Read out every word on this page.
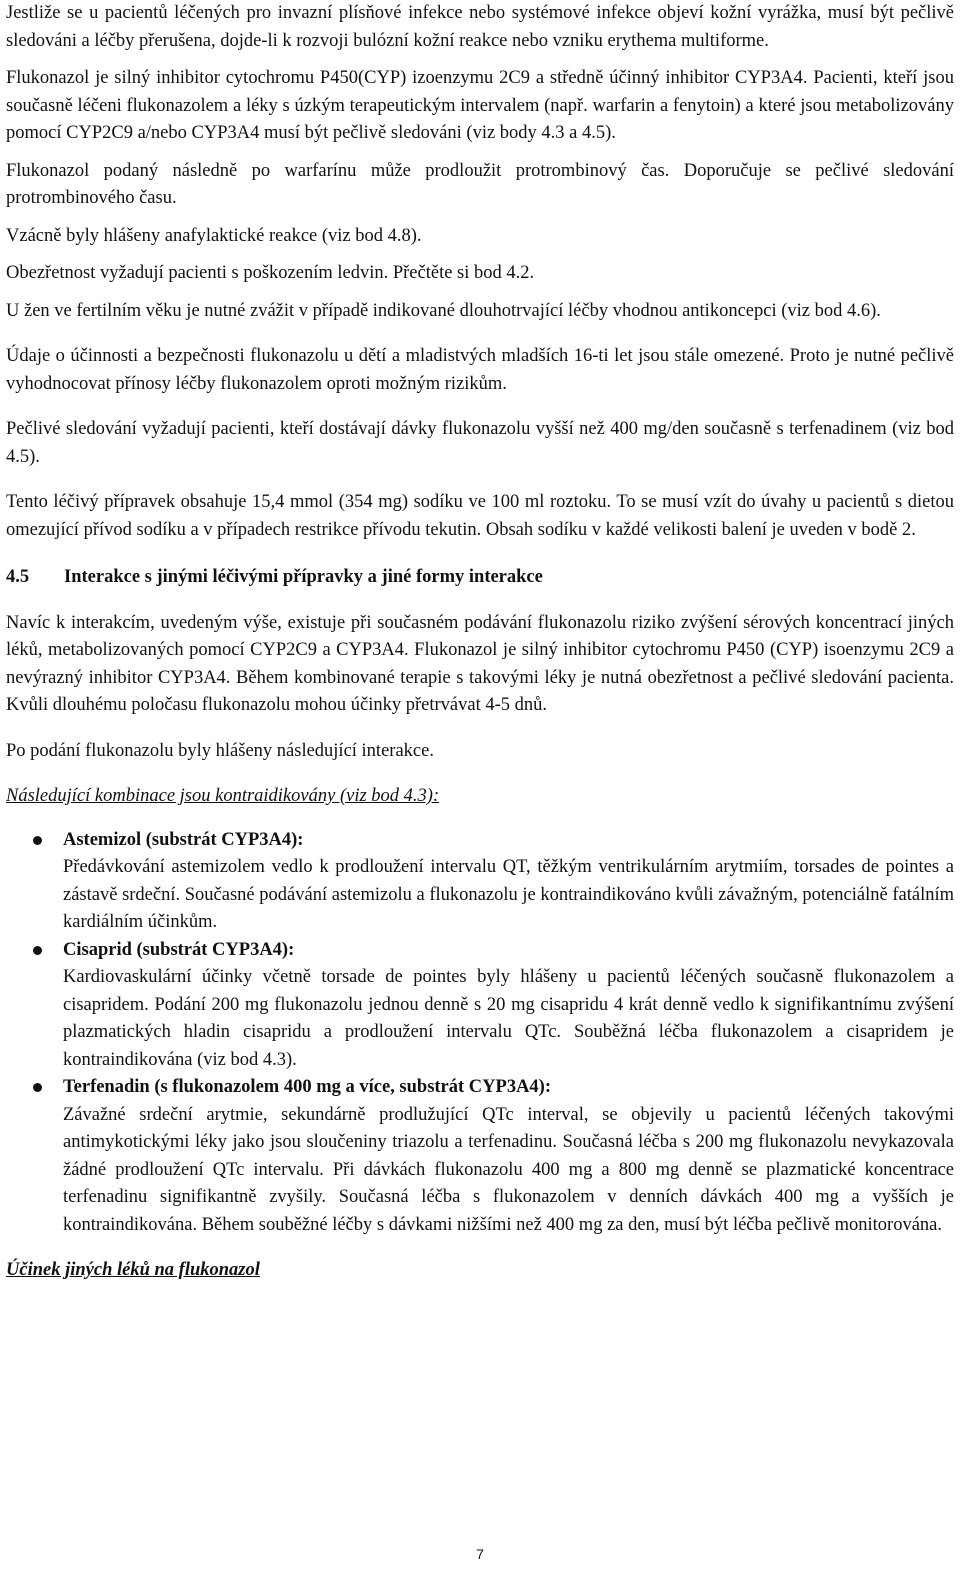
Jestliže se u pacientů léčených pro invazní plísňové infekce nebo systémové infekce objeví kožní vyrážka, musí být pečlivě sledováni a léčby přerušena, dojde-li k rozvoji bulózní kožní reakce nebo vzniku erythema multiforme.

Flukonazol je silný inhibitor cytochromu P450(CYP) izoenzymu 2C9 a středně účinný inhibitor CYP3A4. Pacienti, kteří jsou současně léčeni flukonazolem a léky s úzkým terapeutickým intervalem (např. warfarin a fenytoin) a které jsou metabolizovány pomocí CYP2C9 a/nebo CYP3A4 musí být pečlivě sledováni (viz body 4.3 a 4.5).

Flukonazol podaný následně po warfarínu může prodloužit protrombinový čas. Doporučuje se pečlivé sledování protrombinového času.

Vzácně byly hlášeny anafylaktické reakce (viz bod 4.8).

Obezřetnost vyžadují pacienti s poškozením ledvin. Přečtěte si bod 4.2.

U žen ve fertilním věku je nutné zvážit v případě indikované dlouhotrvající léčby vhodnou antikoncepci (viz bod 4.6).

Údaje o účinnosti a bezpečnosti flukonazolu u dětí a mladistvých mladších 16-ti let jsou stále omezené. Proto je nutné pečlivě vyhodnocovat přínosy léčby flukonazolem oproti možným rizikům.

Pečlivé sledování vyžadují pacienti, kteří dostávají dávky flukonazolu vyšší než 400 mg/den současně s terfenadinem (viz bod 4.5).

Tento léčivý přípravek obsahuje 15,4 mmol (354 mg) sodíku ve 100 ml roztoku. To se musí vzít do úvahy u pacientů s dietou omezující přívod sodíku a v případech restrikce přívodu tekutin. Obsah sodíku v každé velikosti balení je uveden v bodě 2.

4.5	Interakce s jinými léčivými přípravky a jiné formy interakce

Navíc k interakcím, uvedeným výše, existuje při současném podávání flukonazolu riziko zvýšení sérových koncentrací jiných léků, metabolizovaných pomocí CYP2C9 a CYP3A4. Flukonazol je silný inhibitor cytochromu P450 (CYP) isoenzymu 2C9 a nevýrazný inhibitor CYP3A4. Během kombinované terapie s takovými léky je nutná obezřetnost a pečlivé sledování pacienta. Kvůli dlouhému poločasu flukonazolu mohou účinky přetrvávat 4-5 dnů.

Po podání flukonazolu byly hlášeny následující interakce.

Následující kombinace jsou kontraidikovány (viz bod 4.3):

Astemizol (substrát CYP3A4):

Předávkování astemizolem vedlo k prodloužení intervalu QT, těžkým ventrikulárním arytmiím, torsades de pointes a zástavě srdeční. Současné podávání astemizolu a flukonazolu je kontraindikováno kvůli závažným, potenciálně fatálním kardiálním účinkům.

Cisaprid (substrát CYP3A4):

Kardiovaskulární účinky včetně torsade de pointes byly hlášeny u pacientů léčených současně flukonazolem a cisapridem. Podání 200 mg flukonazolu jednou denně s 20 mg cisapridu 4 krát denně vedlo k signifikantnímu zvýšení plazmatických hladin cisapridu a prodloužení intervalu QTc. Souběžná léčba flukonazolem a cisapridem je kontraindikována (viz bod 4.3).

Terfenadin (s flukonazolem 400 mg a více, substrát CYP3A4):

Závažné srdeční arytmie, sekundárně prodlužující QTc interval, se objevily u pacientů léčených takovými antimykotickými léky jako jsou sloučeniny triazolu a terfenadinu. Současná léčba s 200 mg flukonazolu nevykazovala žádné prodloužení QTc intervalu. Při dávkách flukonazolu 400 mg a 800 mg denně se plazmatické koncentrace terfenadinu signifikantně zvyšily. Současná léčba s flukonazolem v denních dávkách 400 mg a vyšších je kontraindikována. Během souběžné léčby s dávkami nižšími než 400 mg za den, musí být léčba pečlivě monitorována.

Účinek jiných léků na flukonazol

7
